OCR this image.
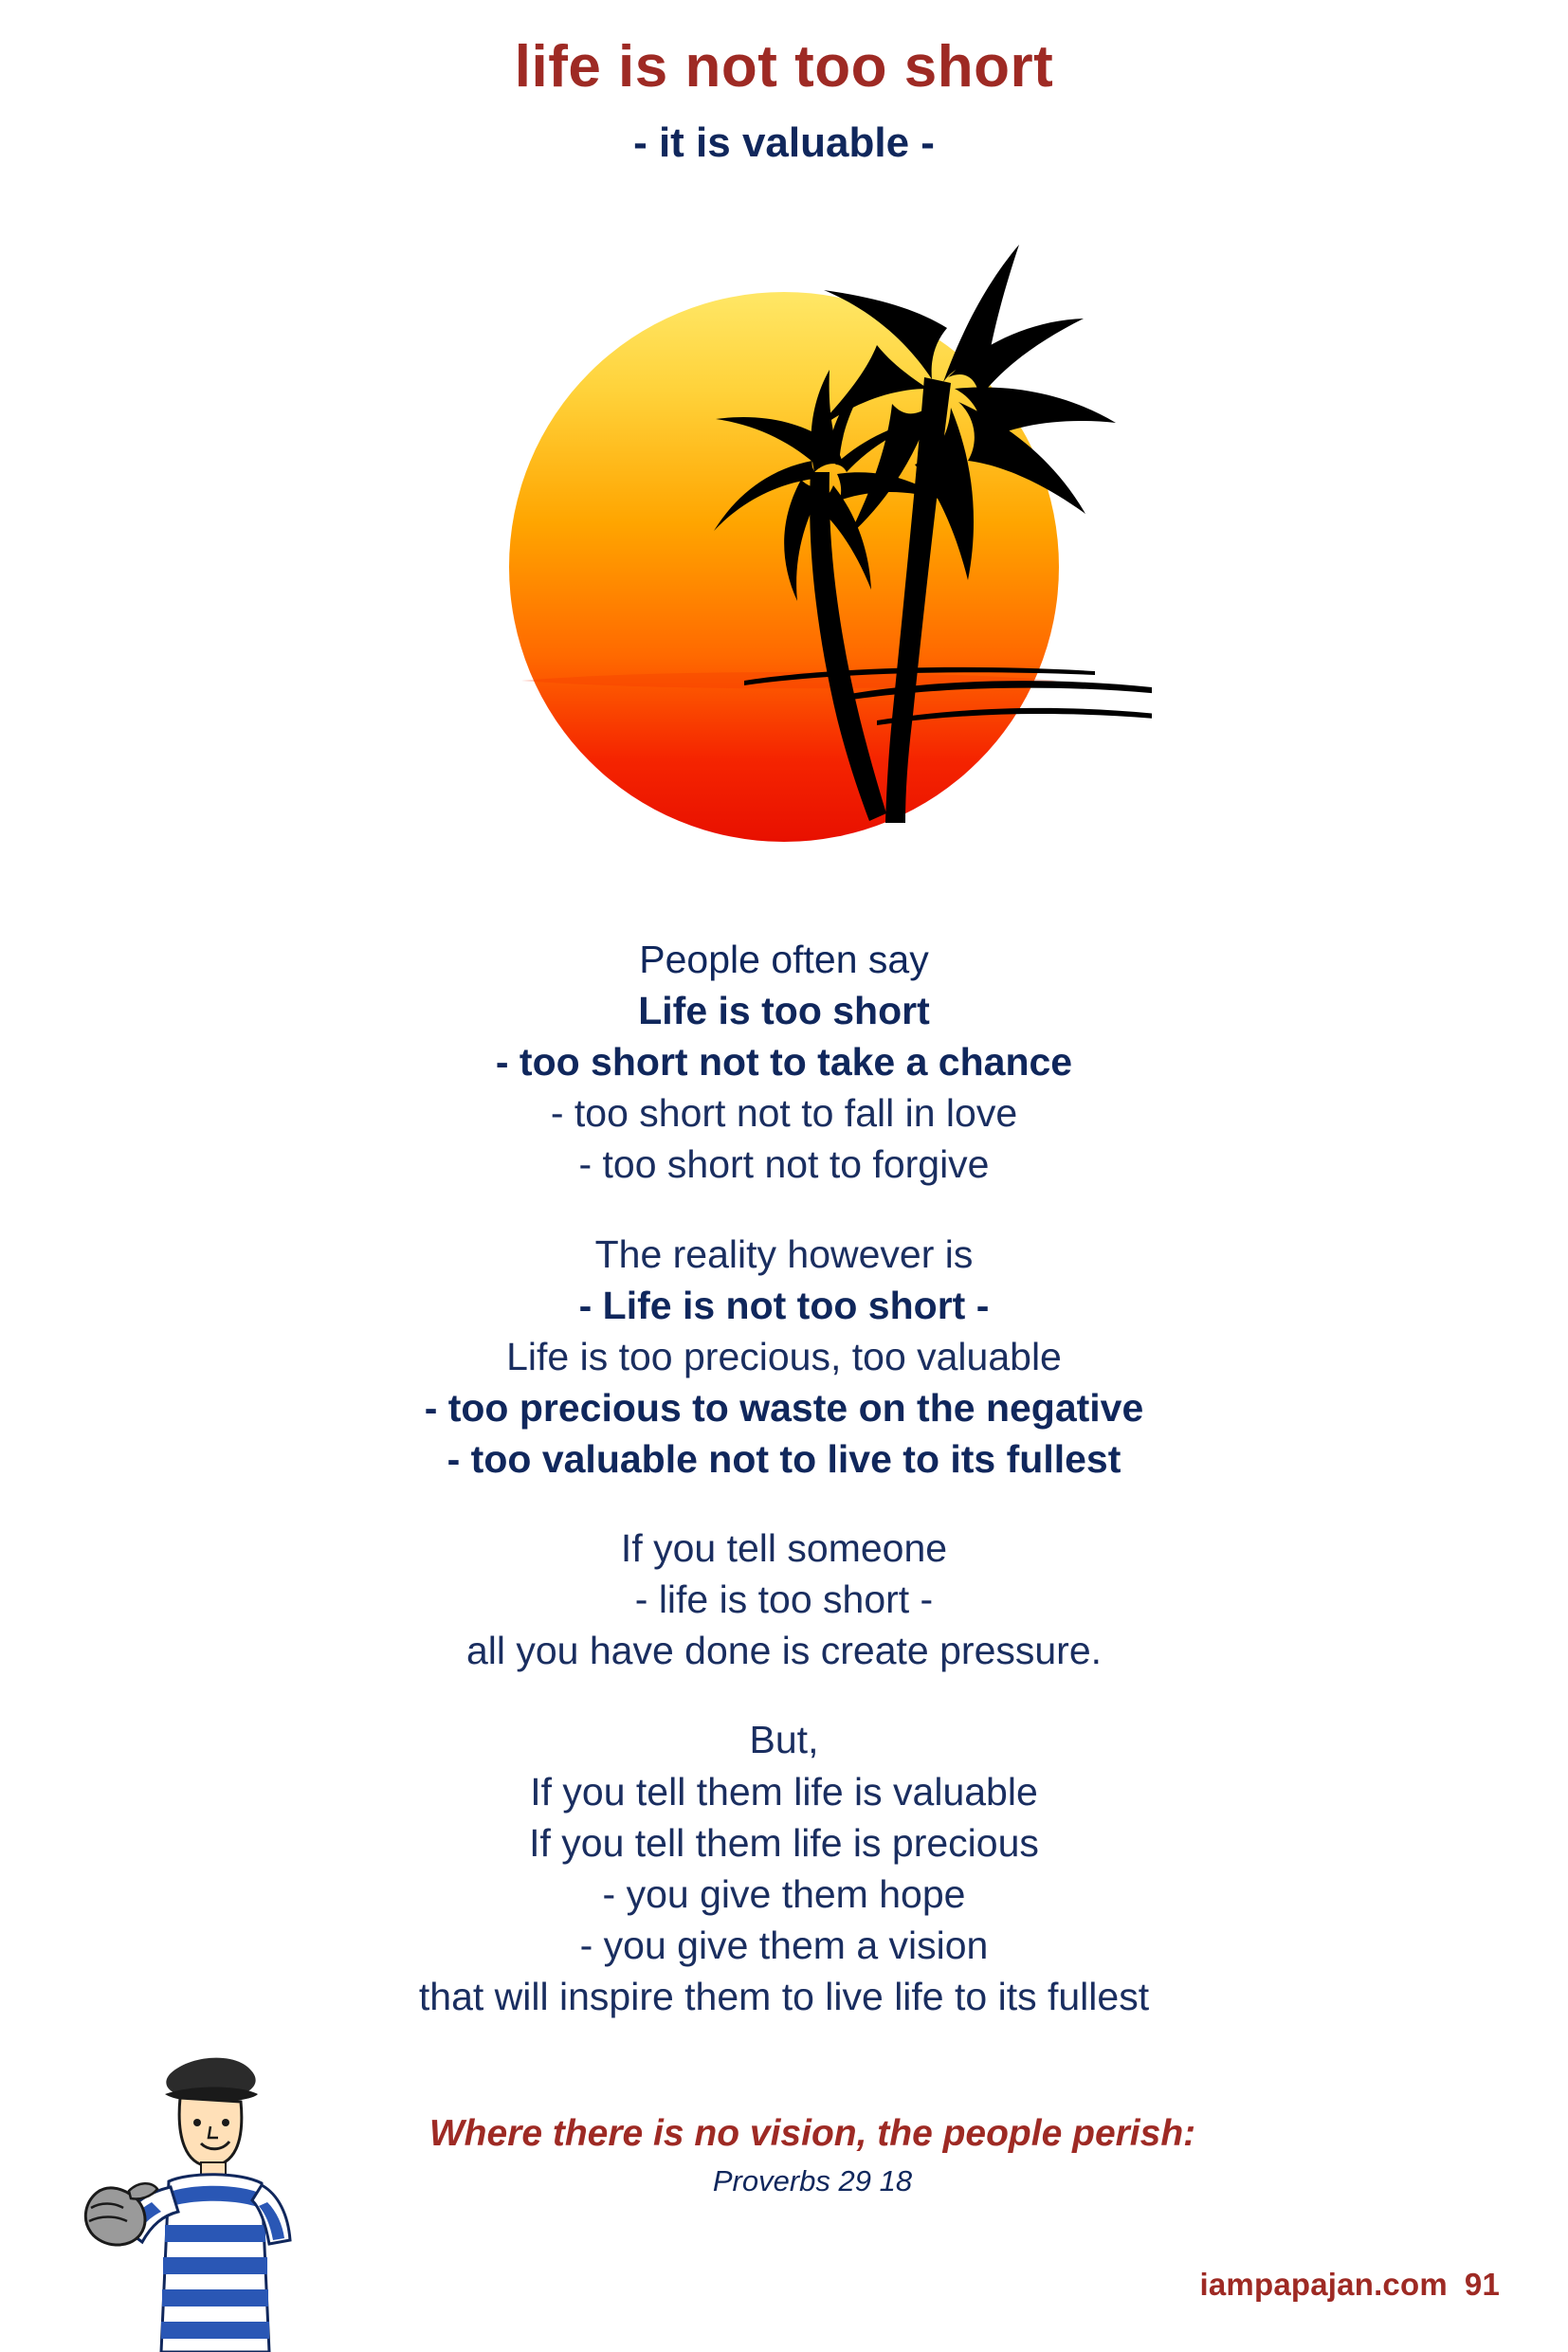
life is not too short
- it is valuable -
People often say
Life is too short
- too short not to take a chance
- too short not to fall in love
- too short not to forgive
The reality however is
- Life is not too short -
Life is too precious, too valuable
- too precious to waste on the negative
- too valuable not to live to its fullest
If you tell someone
- life is too short -
all you have done is create pressure.
But,
If you tell them life is valuable
If you tell them life is precious
- you give them hope
- you give them a vision
that will inspire them to live life to its fullest
Where there is no vision, the people perish:
Proverbs 29 18
iampapajan.com 91
